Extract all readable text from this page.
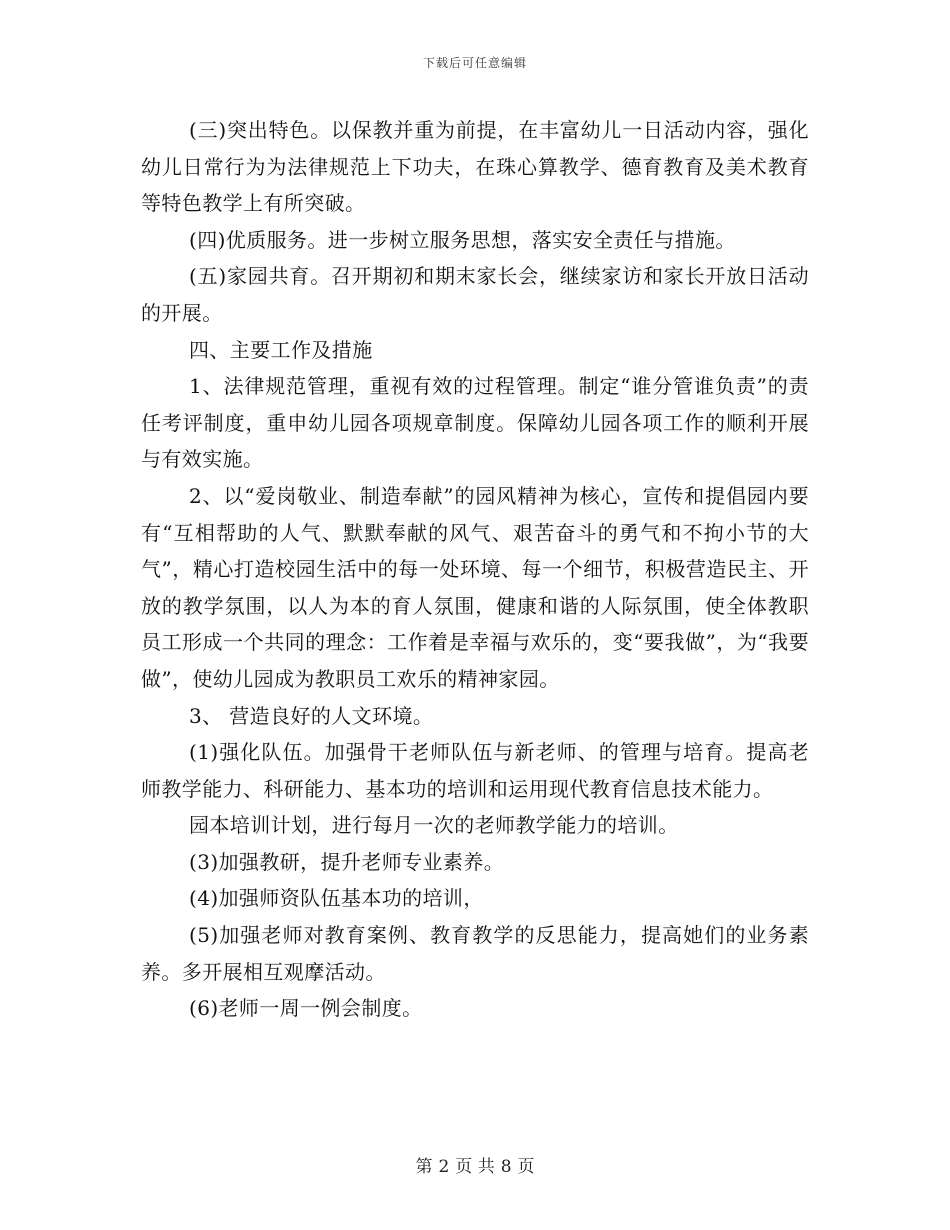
下载后可任意编辑

(三)突出特色。以保教并重为前提，在丰富幼儿一日活动内容，强化幼儿日常行为为法律规范上下功夫，在珠心算教学、德育教育及美术教育等特色教学上有所突破。

(四)优质服务。进一步树立服务思想，落实安全责任与措施。

(五)家园共育。召开期初和期末家长会，继续家访和家长开放日活动的开展。

四、主要工作及措施

1、法律规范管理，重视有效的过程管理。制定“谁分管谁负责”的责任考评制度，重申幼儿园各项规章制度。保障幼儿园各项工作的顺利开展与有效实施。

2、以“爱岗敬业、制造奉献”的园风精神为核心，宣传和提倡园内要有“互相帮助的人气、默默奉献的风气、艰苦奋斗的勇气和不拘小节的大气”，精心打造校园生活中的每一处环境、每一个细节，积极营造民主、开放的教学氛围，以人为本的育人氛围，健康和谐的人际氛围，使全体教职员工形成一个共同的理念：工作着是幸福与欢乐的，变“要我做”，为“我要做”，使幼儿园成为教职员工欢乐的精神家园。

3、 营造良好的人文环境。

(1)强化队伍。加强骨干老师队伍与新老师、的管理与培育。提高老师教学能力、科研能力、基本功的培训和运用现代教育信息技术能力。

园本培训计划，进行每月一次的老师教学能力的培训。

(3)加强教研，提升老师专业素养。

(4)加强师资队伍基本功的培训，

(5)加强老师对教育案例、教育教学的反思能力，提高她们的业务素养。多开展相互观摩活动。

(6)老师一周一例会制度。

第 2 页 共 8 页
